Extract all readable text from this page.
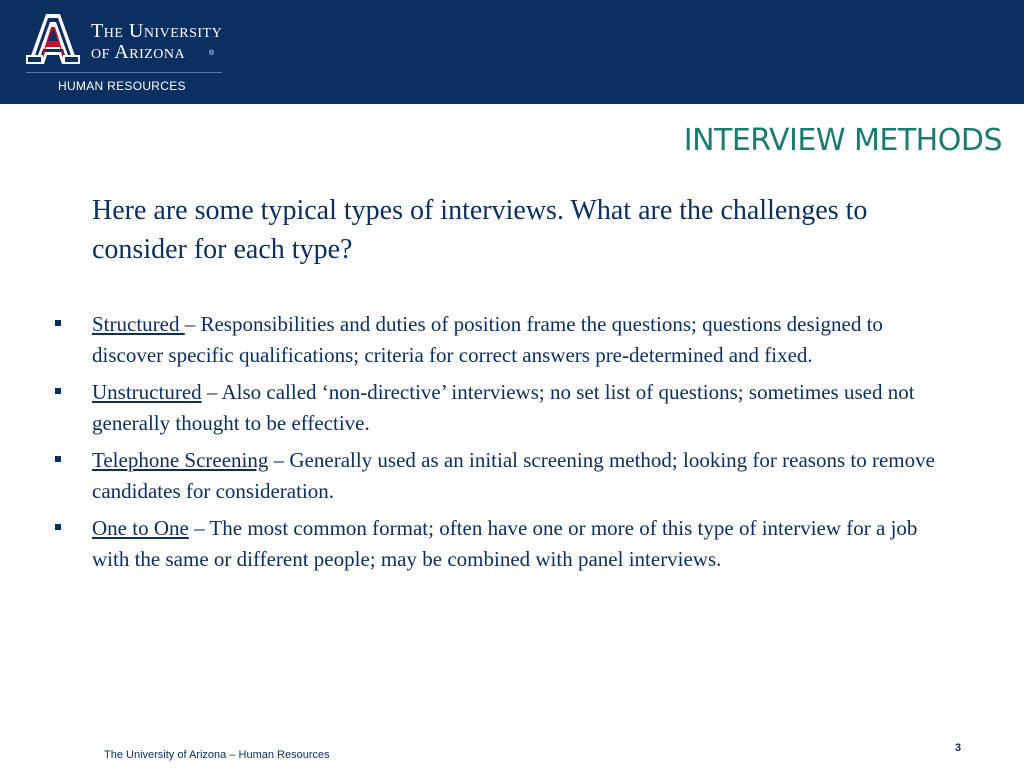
The University
of Arizona	®
HUMAN RESOURCES
INTERVIEW METHODS

Here are some typical types of interviews. What are the challenges to consider for each type?

Structured – Responsibilities and duties of position frame the questions; questions designed to discover specific qualifications; criteria for correct answers pre-determined and fixed.
Unstructured – Also called ‘non-directive’ interviews; no set list of questions; sometimes used not generally thought to be effective.
Telephone Screening – Generally used as an initial screening method; looking for reasons to remove candidates for consideration.
One to One – The most common format; often have one or more of this type of interview for a job with the same or different people; may be combined with panel interviews.
The University of Arizona – Human Resources
3
